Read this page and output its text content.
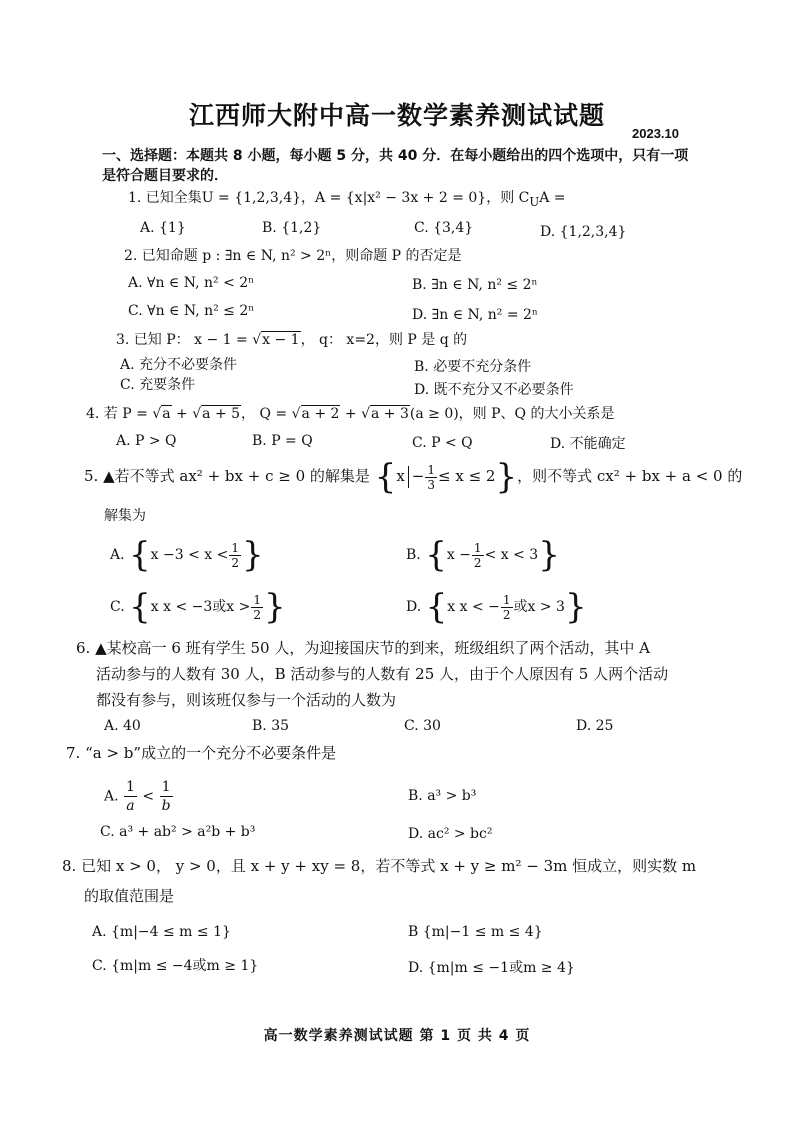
江西师大附中高一数学素养测试试题
2023.10
一、选择题：本题共 8 小题，每小题 5 分，共 40 分．在每小题给出的四个选项中，只有一项是符合题目要求的．
1. 已知全集U = {1,2,3,4}，A = {x|x² − 3x + 2 = 0}，则 $C_UA$ =
A. {1}	B. {1,2}	C. {3,4}	D. {1,2,3,4}
2. 已知命题 p : ∃n ∈ N, n² > 2ⁿ，则命题 P 的否定是
A. ∀n ∈ N, n² < 2ⁿ	B. ∃n ∈ N, n² ≤ 2ⁿ
C. ∀n ∈ N, n² ≤ 2ⁿ	D. ∃n ∈ N, n² = 2ⁿ
3. 已知 P： x − 1 = √x − 1， q： x=2，则 P 是 q 的
A. 充分不必要条件	B. 必要不充分条件
C. 充要条件	D. 既不充分又不必要条件
4. 若 P = √a + √a + 5， Q = √a + 2 + √a + 3(a ≥ 0)，则 P、Q 的大小关系是
A. P > Q	B. P = Q	C. P < Q	D. 不能确定
5. ▲若不等式 ax² + bx + c ≥ 0 的解集是 $\{x - \frac{1}{3} \le x \le 2\}$，则不等式 cx² + bx + a < 0 的
解集为
A. {$x -3 < x < \frac{1}{2}$ }	B. $\{x - \frac{1}{2} < x < 3\}$
C. {x x < −3或$x > \frac{1}{2}$ }	D. {x x < − $\frac{1}{2}$ 或x > 3}
6. ▲某校高一 6 班有学生 50 人，为迎接国庆节的到来，班级组织了两个活动，其中 A
活动参与的人数有 30 人，B 活动参与的人数有 25 人，由于个人原因有 5 人两个活动
都没有参与，则该班仅参与一个活动的人数为
A. 40	B. 35	C. 30	D. 25
7. “a > b”成立的一个充分不必要条件是
A. $\frac{1}{a} < \frac{1}{b}$	B. a³ > b³
C. a³ + ab² > a²b + b³	D. ac² > bc²
8. 已知 x > 0， y > 0，且 x + y + xy = 8，若不等式 x + y ≥ m² − 3m 恒成立，则实数 m
的取值范围是
A. {m|−4 ≤ m ≤ 1}	B {m|−1 ≤ m ≤ 4}
C. {m|m ≤ −4或m ≥ 1}	D. {m|m ≤ −1或m ≥ 4}
高一数学素养测试试题 第 1 页 共 4 页
